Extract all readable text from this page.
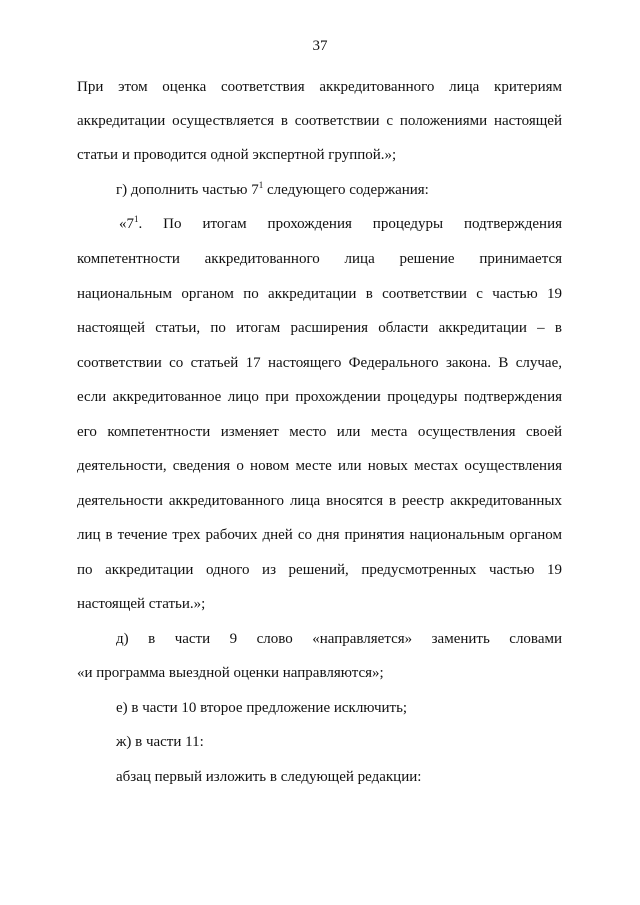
37
При этом оценка соответствия аккредитованного лица критериям
аккредитации осуществляется в соответствии с положениями настоящей
статьи и проводится одной экспертной группой.»;
г) дополнить частью $7^1$ следующего содержания:
«$7^1$. По итогам прохождения процедуры подтверждения
компетентности аккредитованного лица решение принимается
национальным органом по аккредитации в соответствии с частью 19
настоящей статьи, по итогам расширения области аккредитации – в
соответствии со статьей 17 настоящего Федерального закона. В случае,
если аккредитованное лицо при прохождении процедуры подтверждения
его компетентности изменяет место или места осуществления своей
деятельности, сведения о новом месте или новых местах осуществления
деятельности аккредитованного лица вносятся в реестр аккредитованных
лиц в течение трех рабочих дней со дня принятия национальным органом
по аккредитации одного из решений, предусмотренных частью 19
настоящей статьи.»;
д) в части 9 слово «направляется» заменить словами
«и программа выездной оценки направляются»;
е) в части 10 второе предложение исключить;
ж) в части 11:
абзац первый изложить в следующей редакции:
